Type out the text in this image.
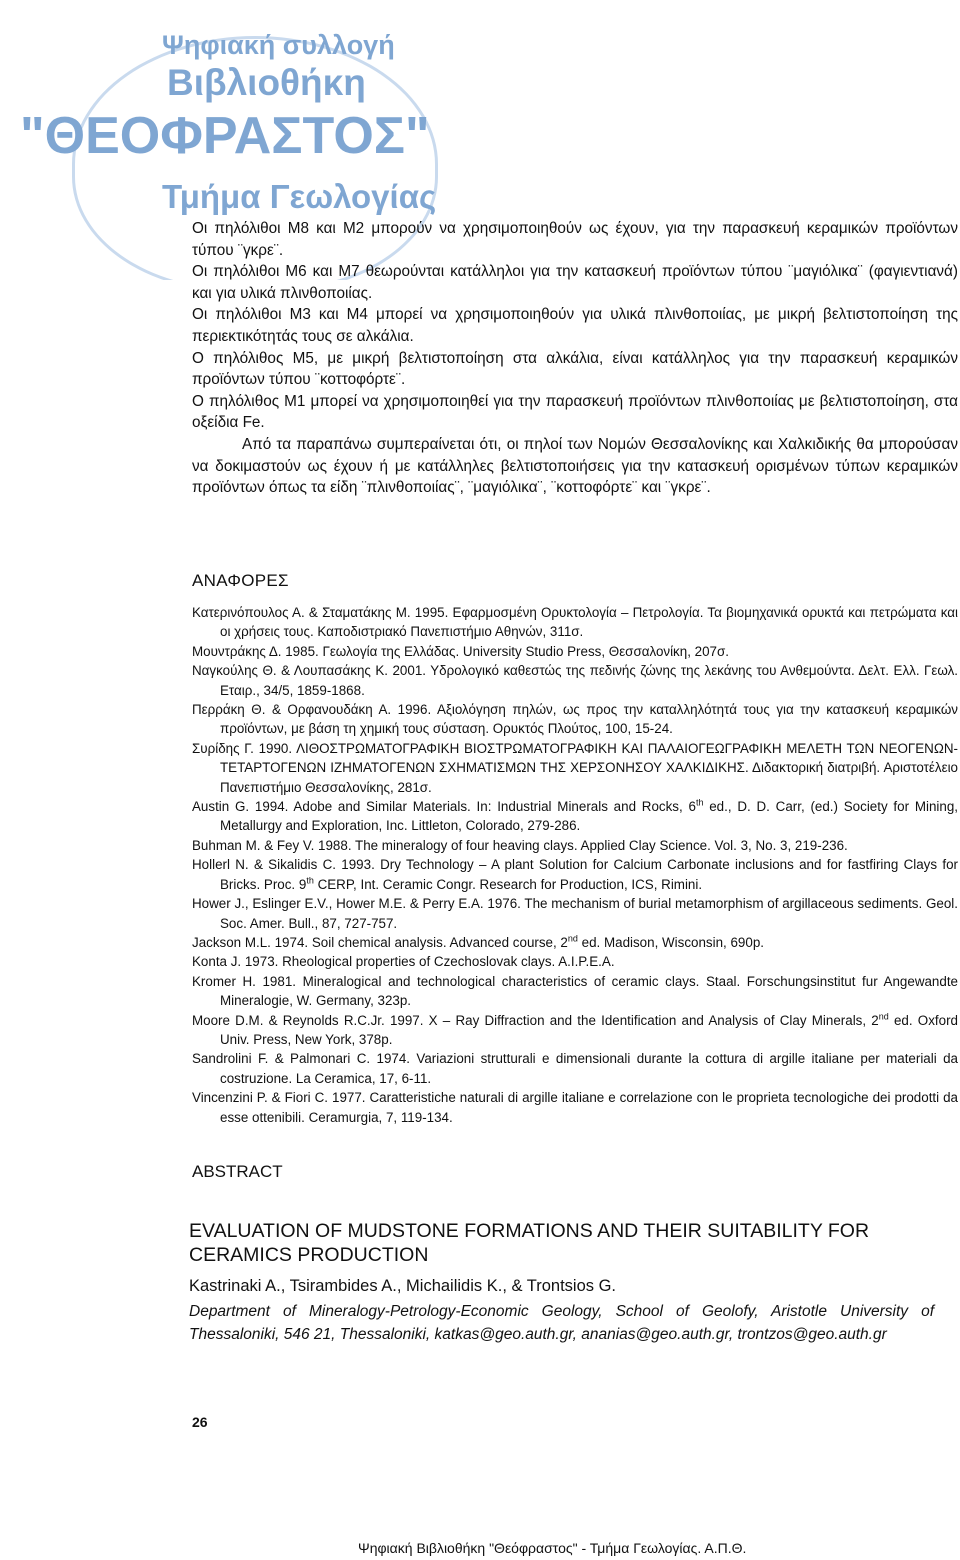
Ψηφιακή συλλογή
Βιβλιοθήκη
"ΘΕΟΦΡΑΣΤΟΣ"
Τμήμα Γεωλογίας

Οι πηλόλιθοι Μ8 και Μ2 μπορούν να χρησιμοποιηθούν ως έχουν, για την παρασκευή κεραμικών προϊόντων τύπου ¨γκρε¨.

Οι πηλόλιθοι Μ6 και Μ7 θεωρούνται κατάλληλοι για την κατασκευή προϊόντων τύπου ¨μαγιόλικα¨ (φαγιεντιανά) και για υλικά πλινθοποιίας.

Οι πηλόλιθοι Μ3 και Μ4 μπορεί να χρησιμοποιηθούν για υλικά πλινθοποιίας, με μικρή βελτιστοποίηση της περιεκτικότητάς τους σε αλκάλια.

Ο πηλόλιθος Μ5, με μικρή βελτιστοποίηση στα αλκάλια, είναι κατάλληλος για την παρασκευή κεραμικών προϊόντων τύπου ¨κοττοφόρτε¨.

Ο πηλόλιθος Μ1 μπορεί να χρησιμοποιηθεί για την παρασκευή προϊόντων πλινθοποιίας με βελτιστοποίηση, στα οξείδια Fe.

Από τα παραπάνω συμπεραίνεται ότι, οι πηλοί των Νομών Θεσσαλονίκης και Χαλκιδικής θα μπορούσαν να δοκιμαστούν ως έχουν ή με κατάλληλες βελτιστοποιήσεις για την κατασκευή ορισμένων τύπων κεραμικών προϊόντων όπως τα είδη ¨πλινθοποιίας¨, ¨μαγιόλικα¨, ¨κοττοφόρτε¨ και ¨γκρε¨.

ΑΝΑΦΟΡΕΣ

Κατερινόπουλος Α. & Σταματάκης Μ. 1995. Εφαρμοσμένη Ορυκτολογία – Πετρολογία. Τα βιομηχανικά ορυκτά και πετρώματα και οι χρήσεις τους. Καποδιστριακό Πανεπιστήμιο Αθηνών, 311σ.

Μουντράκης Δ. 1985. Γεωλογία της Ελλάδας. University Studio Press, Θεσσαλονίκη, 207σ.

Ναγκούλης Θ. & Λουπασάκης Κ. 2001. Υδρολογικό καθεστώς της πεδινής ζώνης της λεκάνης του Ανθεμούντα. Δελτ. Ελλ. Γεωλ. Εταιρ., 34/5, 1859-1868.

Περράκη Θ. & Ορφανουδάκη Α. 1996. Αξιολόγηση πηλών, ως προς την καταλληλότητά τους για την κατασκευή κεραμικών προϊόντων, με βάση τη χημική τους σύσταση. Ορυκτός Πλούτος, 100, 15-24.

Συρίδης Γ. 1990. ΛΙΘΟΣΤΡΩΜΑΤΟΓΡΑΦΙΚΗ ΒΙΟΣΤΡΩΜΑΤΟΓΡΑΦΙΚΗ ΚΑΙ ΠΑΛΑΙΟΓΕΩΓΡΑΦΙΚΗ ΜΕΛΕΤΗ ΤΩΝ ΝΕΟΓΕΝΩΝ-ΤΕΤΑΡΤΟΓΕΝΩΝ ΙΖΗΜΑΤΟΓΕΝΩΝ ΣΧΗΜΑΤΙΣΜΩΝ ΤΗΣ ΧΕΡΣΟΝΗΣΟΥ ΧΑΛΚΙΔΙΚΗΣ. Διδακτορική διατριβή. Αριστοτέλειο Πανεπιστήμιο Θεσσαλονίκης, 281σ.

Austin G. 1994. Adobe and Similar Materials. In: Industrial Minerals and Rocks, 6th ed., D. D. Carr, (ed.) Society for Mining, Metallurgy and Exploration, Inc. Littleton, Colorado, 279-286.

Buhman M. & Fey V. 1988. The mineralogy of four heaving clays. Applied Clay Science. Vol. 3, No. 3, 219-236.

Hollerl N. & Sikalidis C. 1993. Dry Technology – A plant Solution for Calcium Carbonate inclusions and for fastfiring Clays for Bricks. Proc. 9th CERP, Int. Ceramic Congr. Research for Production, ICS, Rimini.

Hower J., Eslinger E.V., Hower M.E. & Perry E.A. 1976. The mechanism of burial metamorphism of argillaceous sediments. Geol. Soc. Amer. Bull., 87, 727-757.

Jackson M.L. 1974. Soil chemical analysis. Advanced course, 2nd ed. Madison, Wisconsin, 690p.

Konta J. 1973. Rheological properties of Czechoslovak clays. A.I.P.E.A.

Kromer H. 1981. Mineralogical and technological characteristics of ceramic clays. Staal. Forschungsinstitut fur Angewandte Mineralogie, W. Germany, 323p.

Moore D.M. & Reynolds R.C.Jr. 1997. X – Ray Diffraction and the Identification and Analysis of Clay Minerals, 2nd ed. Oxford Univ. Press, New York, 378p.

Sandrolini F. & Palmonari C. 1974. Variazioni strutturali e dimensionali durante la cottura di argille italiane per materiali da costruzione. La Ceramica, 17, 6-11.

Vincenzini P. & Fiori C. 1977. Caratteristiche naturali di argille italiane e correlazione con le proprieta tecnologiche dei prodotti da esse ottenibili. Ceramurgia, 7, 119-134.

ABSTRACT
EVALUATION OF MUDSTONE FORMATIONS AND THEIR SUITABILITY FOR CERAMICS PRODUCTION
Kastrinaki A., Tsirambides A., Michailidis K., & Trontsios G.
Department of Mineralogy-Petrology-Economic Geology, School of Geolofy, Aristotle University of Thessaloniki, 546 21, Thessaloniki, katkas@geo.auth.gr, ananias@geo.auth.gr, trontzos@geo.auth.gr
26
Ψηφιακή Βιβλιοθήκη "Θεόφραστος" - Τμήμα Γεωλογίας. Α.Π.Θ.
